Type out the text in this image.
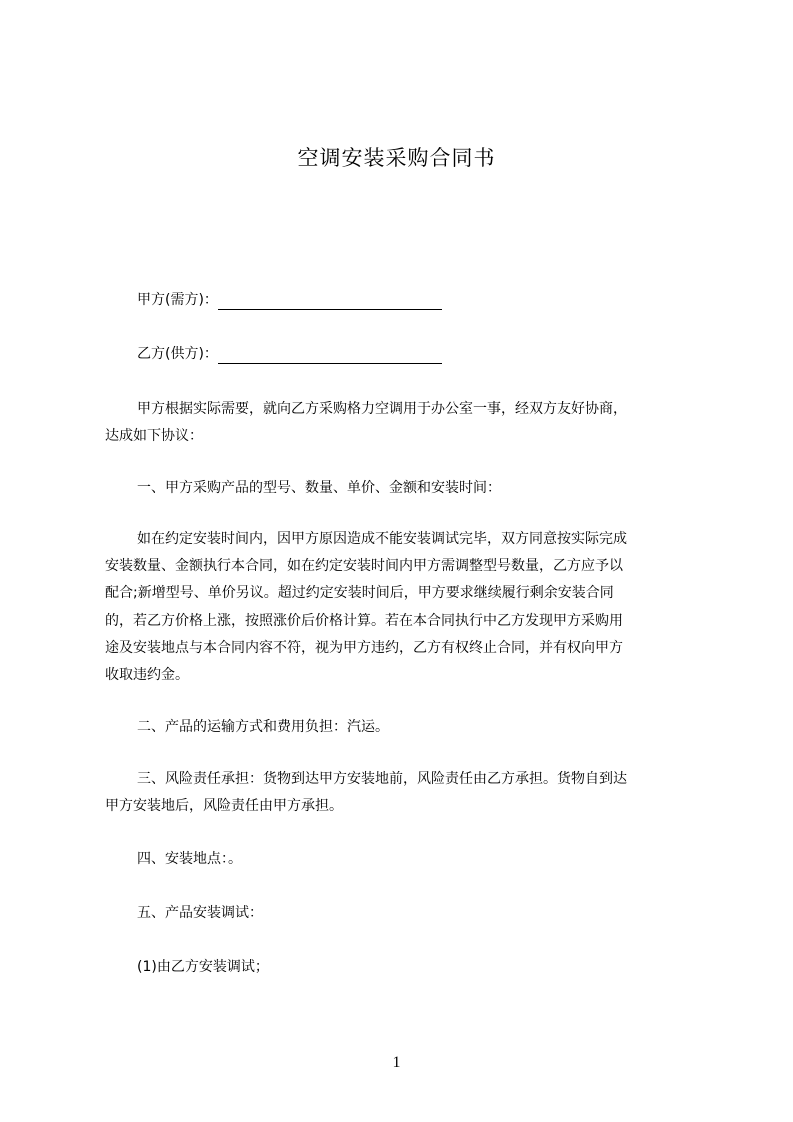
空调安装采购合同书
甲方(需方)：
乙方(供方)：
甲方根据实际需要，就向乙方采购格力空调用于办公室一事，经双方友好协商，
达成如下协议：
一、甲方采购产品的型号、数量、单价、金额和安装时间：
如在约定安装时间内，因甲方原因造成不能安装调试完毕，双方同意按实际完成
安装数量、金额执行本合同，如在约定安装时间内甲方需调整型号数量，乙方应予以
配合;新增型号、单价另议。超过约定安装时间后，甲方要求继续履行剩余安装合同
的，若乙方价格上涨，按照涨价后价格计算。若在本合同执行中乙方发现甲方采购用
途及安装地点与本合同内容不符，视为甲方违约，乙方有权终止合同，并有权向甲方
收取违约金。
二、产品的运输方式和费用负担：汽运。
三、风险责任承担：货物到达甲方安装地前，风险责任由乙方承担。货物自到达
甲方安装地后，风险责任由甲方承担。
四、安装地点：。
五、产品安装调试：
(1)由乙方安装调试；
1
